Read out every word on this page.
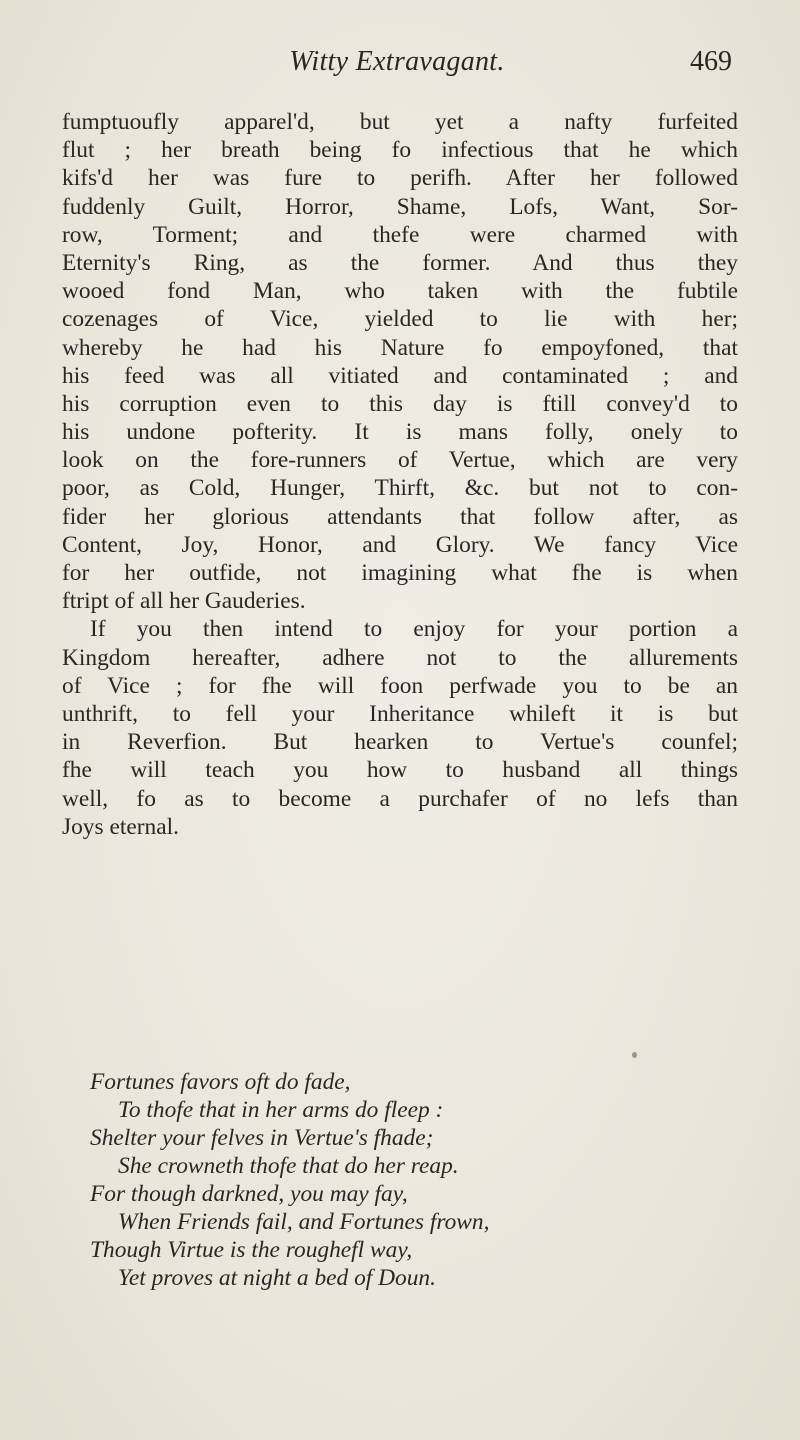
Witty Extravagant.	469
fumptuoufly apparel'd, but yet a nafty furfeited
flut ; her breath being fo infectious that he which
kifs'd her was fure to perifh. After her followed
fuddenly Guilt, Horror, Shame, Lofs, Want, Sor-
row, Torment; and thefe were charmed with
Eternity's Ring, as the former. And thus they
wooed fond Man, who taken with the fubtile
cozenages of Vice, yielded to lie with her;
whereby he had his Nature fo empoyfoned, that
his feed was all vitiated and contaminated ; and
his corruption even to this day is ftill convey'd to
his undone pofterity. It is mans folly, onely to
look on the fore-runners of Vertue, which are very
poor, as Cold, Hunger, Thirft, &c. but not to con-
fider her glorious attendants that follow after, as
Content, Joy, Honor, and Glory. We fancy Vice
for her outfide, not imagining what fhe is when
ftript of all her Gauderies.
If you then intend to enjoy for your portion a
Kingdom hereafter, adhere not to the allurements
of Vice ; for fhe will foon perfwade you to be an
unthrift, to fell your Inheritance whileft it is but
in Reverfion. But hearken to Vertue's counfel;
fhe will teach you how to husband all things
well, fo as to become a purchafer of no lefs than
Joys eternal.
Fortunes favors oft do fade,
To thofe that in her arms do fleep :
Shelter your felves in Vertue's fhade;
She crowneth thofe that do her reap.
For though darkned, you may fay,
When Friends fail, and Fortunes frown,
Though Virtue is the roughefl way,
Yet proves at night a bed of Doun.
